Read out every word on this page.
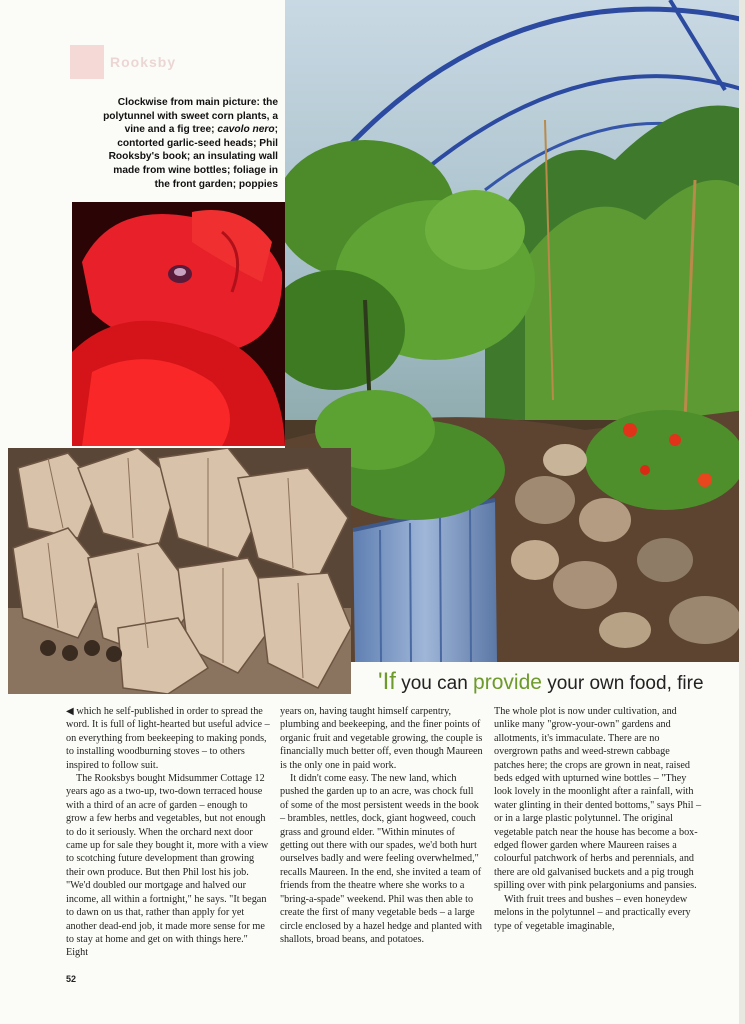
Rooksby
Clockwise from main picture: the polytunnel with sweet corn plants, a vine and a fig tree; cavolo nero; contorted garlic-seed heads; Phil Rooksby's book; an insulating wall made from wine bottles; foliage in the front garden; poppies
'If you can provide your own food, fire

◀ which he self-published in order to spread the word. It is full of light-hearted but useful advice – on everything from beekeeping to making ponds, to installing woodburning stoves – to others inspired to follow suit.

The Rooksbys bought Midsummer Cottage 12 years ago as a two-up, two-down terraced house with a third of an acre of garden – enough to grow a few herbs and vegetables, but not enough to do it seriously. When the orchard next door came up for sale they bought it, more with a view to scotching future development than growing their own produce. But then Phil lost his job. "We'd doubled our mortgage and halved our income, all within a fortnight," he says. "It began to dawn on us that, rather than apply for yet another dead-end job, it made more sense for me to stay at home and get on with things here." Eight

years on, having taught himself carpentry, plumbing and beekeeping, and the finer points of organic fruit and vegetable growing, the couple is financially much better off, even though Maureen is the only one in paid work.

It didn't come easy. The new land, which pushed the garden up to an acre, was chock full of some of the most persistent weeds in the book – brambles, nettles, dock, giant hogweed, couch grass and ground elder. "Within minutes of getting out there with our spades, we'd both hurt ourselves badly and were feeling overwhelmed," recalls Maureen. In the end, she invited a team of friends from the theatre where she works to a "bring-a-spade" weekend. Phil was then able to create the first of many vegetable beds – a large circle enclosed by a hazel hedge and planted with shallots, broad beans, and potatoes.

The whole plot is now under cultivation, and unlike many "grow-your-own" gardens and allotments, it's immaculate. There are no overgrown paths and weed-strewn cabbage patches here; the crops are grown in neat, raised beds edged with upturned wine bottles – "They look lovely in the moonlight after a rainfall, with water glinting in their dented bottoms," says Phil – or in a large plastic polytunnel. The original vegetable patch near the house has become a box-edged flower garden where Maureen raises a colourful patchwork of herbs and perennials, and there are old galvanised buckets and a pig trough spilling over with pink pelargoniums and pansies.

With fruit trees and bushes – even honeydew melons in the polytunnel – and practically every type of vegetable imaginable,

52
